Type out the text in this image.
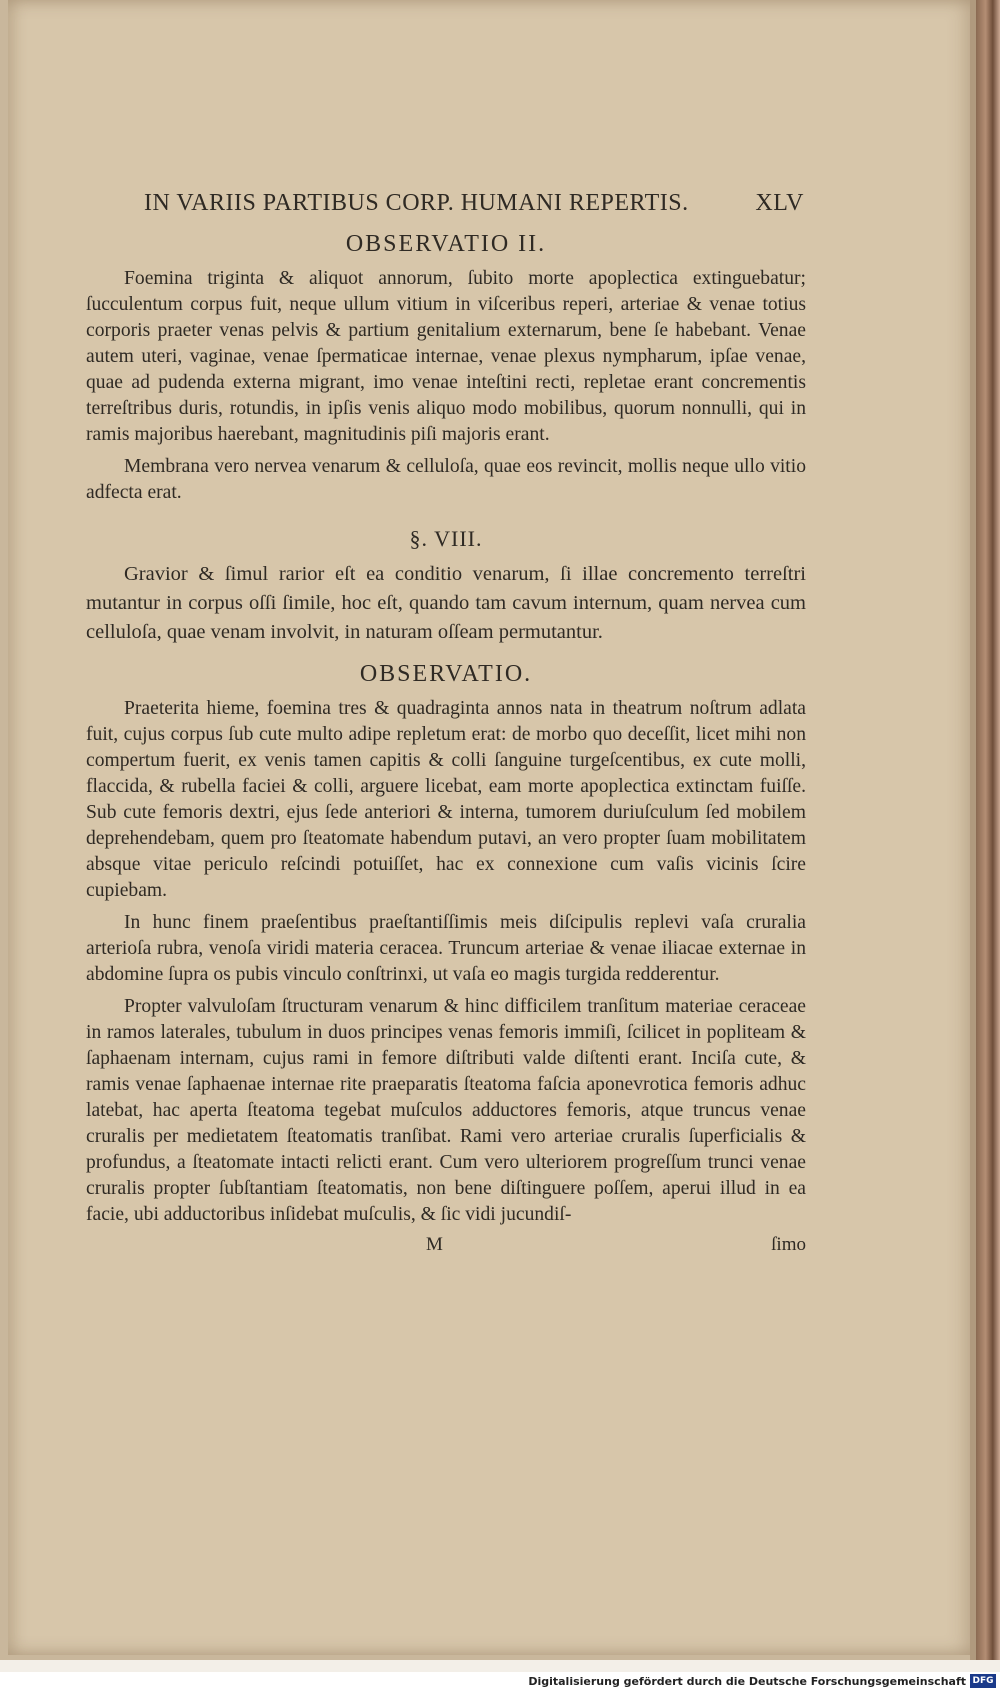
IN VARIIS PARTIBUS CORP. HUMANI REPERTIS.	XLV
OBSERVATIO II.

Foemina triginta & aliquot annorum, ſubito morte apoplectica extinguebatur; ſucculentum corpus fuit, neque ullum vitium in viſceribus reperi, arteriae & venae totius corporis praeter venas pelvis & partium genitalium externarum, bene ſe habebant. Venae autem uteri, vaginae, venae ſpermaticae internae, venae plexus nympharum, ipſae venae, quae ad pudenda externa migrant, imo venae inteſtini recti, repletae erant concrementis terreſtribus duris, rotundis, in ipſis venis aliquo modo mobilibus, quorum nonnulli, qui in ramis majoribus haerebant, magnitudinis piſi majoris erant.

Membrana vero nervea venarum & celluloſa, quae eos revincit, mollis neque ullo vitio adfecta erat.

§. VIII.

Gravior & ſimul rarior eſt ea conditio venarum, ſi illae concremento terreſtri mutantur in corpus oſſi ſimile, hoc eſt, quando tam cavum internum, quam nervea cum celluloſa, quae venam involvit, in naturam oſſeam permutantur.

OBSERVATIO.

Praeterita hieme, foemina tres & quadraginta annos nata in theatrum noſtrum adlata fuit, cujus corpus ſub cute multo adipe repletum erat: de morbo quo deceſſit, licet mihi non compertum fuerit, ex venis tamen capitis & colli ſanguine turgeſcentibus, ex cute molli, flaccida, & rubella faciei & colli, arguere licebat, eam morte apoplectica extinctam fuiſſe. Sub cute femoris dextri, ejus ſede anteriori & interna, tumorem duriuſculum ſed mobilem deprehendebam, quem pro ſteatomate habendum putavi, an vero propter ſuam mobilitatem absque vitae periculo reſcindi potuiſſet, hac ex connexione cum vaſis vicinis ſcire cupiebam.

In hunc finem praeſentibus praeſtantiſſimis meis diſcipulis replevi vaſa cruralia arterioſa rubra, venoſa viridi materia ceracea. Truncum arteriae & venae iliacae externae in abdomine ſupra os pubis vinculo conſtrinxi, ut vaſa eo magis turgida redderentur.

Propter valvuloſam ſtructuram venarum & hinc difficilem tranſitum materiae ceraceae in ramos laterales, tubulum in duos principes venas femoris immiſi, ſcilicet in popliteam & ſaphaenam internam, cujus rami in femore diſtributi valde diſtenti erant. Inciſa cute, & ramis venae ſaphaenae internae rite praeparatis ſteatoma faſcia aponevrotica femoris adhuc latebat, hac aperta ſteatoma tegebat muſculos adductores femoris, atque truncus venae cruralis per medietatem ſteatomatis tranſibat. Rami vero arteriae cruralis ſuperficialis & profundus, a ſteatomate intacti relicti erant. Cum vero ulteriorem progreſſum trunci venae cruralis propter ſubſtantiam ſteatomatis, non bene diſtinguere poſſem, aperui illud in ea facie, ubi adductoribus inſidebat muſculis, & ſic vidi jucundiſ-

M	ſimo
Digitalisierung gefördert durch die Deutsche Forschungsgemeinschaft DFG
